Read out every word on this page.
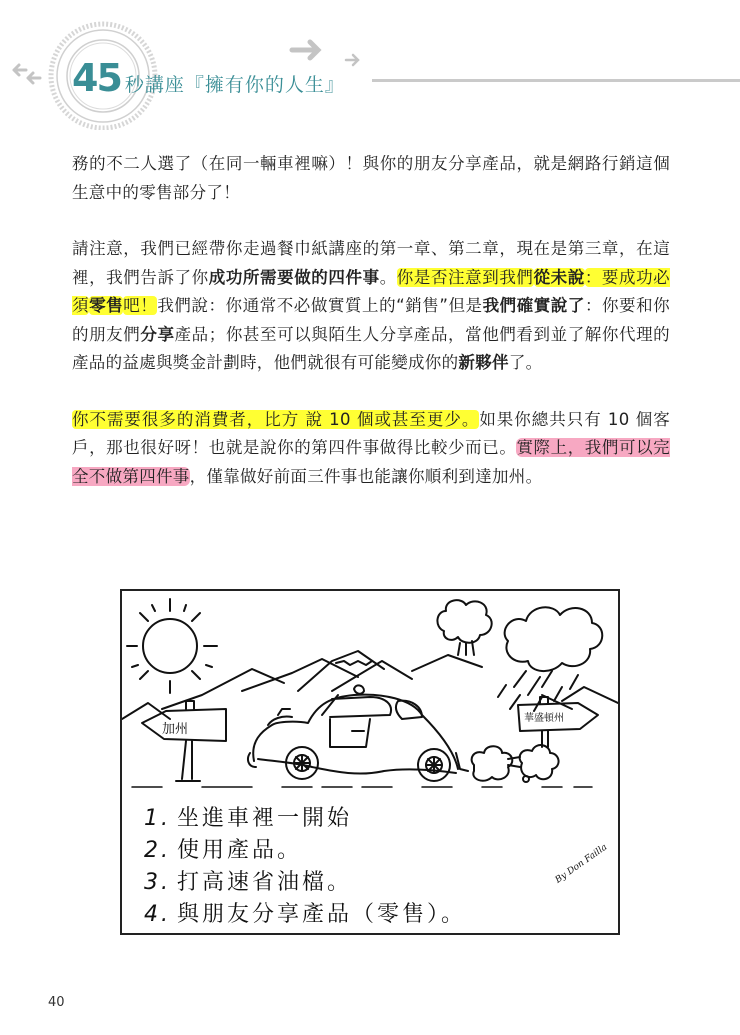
45 秒講座『擁有你的人生』

務的不二人選了（在同一輛車裡嘛）！與你的朋友分享產品，就是網路行銷這個生意中的零售部分了！

請注意，我們已經帶你走過餐巾紙講座的第一章、第二章，現在是第三章，在這裡，我們告訴了你成功所需要做的四件事。你是否注意到我們從未說：要成功必須零售吧！我們說：你通常不必做實質上的“銷售”但是我們確實說了：你要和你的朋友們分享產品；你甚至可以與陌生人分享產品，當他們看到並了解你代理的產品的益處與獎金計劃時，他們就很有可能變成你的新夥伴了。

你不需要很多的消費者，比方 說 10 個或甚至更少。如果你總共只有 10 個客戶，那也很好呀！也就是說你的第四件事做得比較少而已。實際上，我們可以完全不做第四件事，僅靠做好前面三件事也能讓你順利到達加州。

加州
華盛頓州
1. 坐進車裡一開始
2. 使用產品。
3. 打高速省油檔。
4. 與朋友分享產品（零售）。
By Don Failla
40
